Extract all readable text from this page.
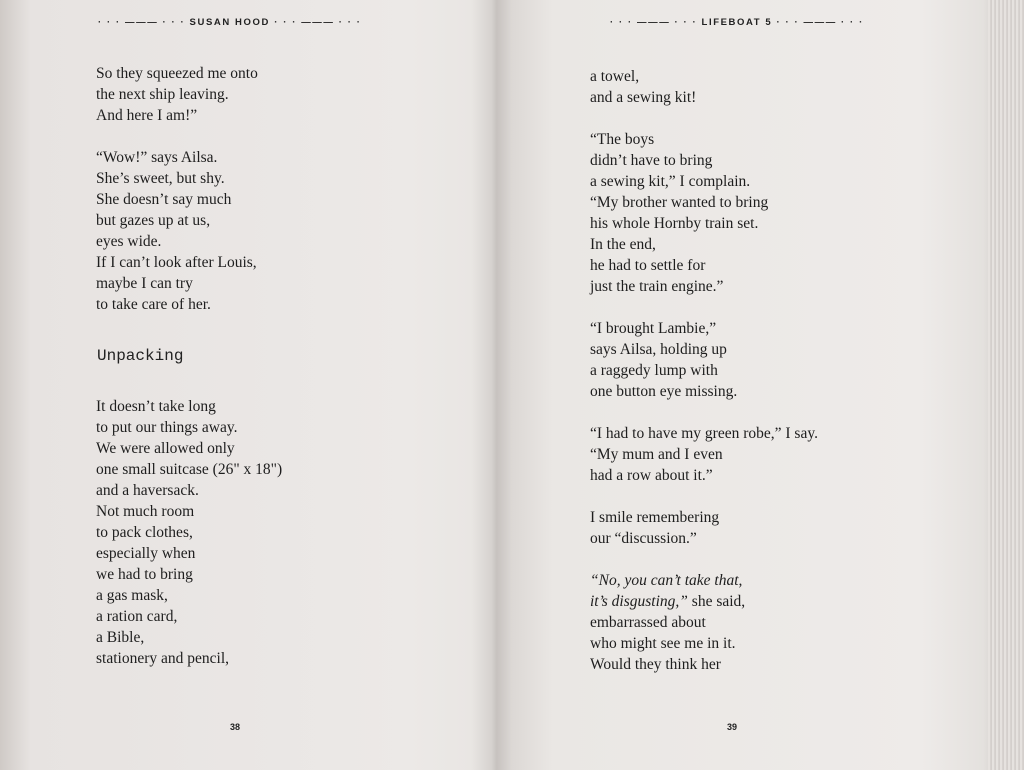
· · · ——— · · · SUSAN HOOD · · · ——— · · ·
So they squeezed me onto
the next ship leaving.
And here I am!”
“Wow!” says Ailsa.
She’s sweet, but shy.
She doesn’t say much
but gazes up at us,
eyes wide.
If I can’t look after Louis,
maybe I can try
to take care of her.
Unpacking
It doesn’t take long
to put our things away.
We were allowed only
one small suitcase (26" x 18")
and a haversack.
Not much room
to pack clothes,
especially when
we had to bring
a gas mask,
a ration card,
a Bible,
stationery and pencil,
38
· · · ——— · · · LIFEBOAT 5 · · · ——— · · ·
a towel,
and a sewing kit!
“The boys
didn’t have to bring
a sewing kit,” I complain.
“My brother wanted to bring
his whole Hornby train set.
In the end,
he had to settle for
just the train engine.”
“I brought Lambie,”
says Ailsa, holding up
a raggedy lump with
one button eye missing.
“I had to have my green robe,” I say.
“My mum and I even
had a row about it.”
I smile remembering
our “discussion.”
“No, you can’t take that,
it’s disgusting,” she said,
embarrassed about
who might see me in it.
Would they think her
39
